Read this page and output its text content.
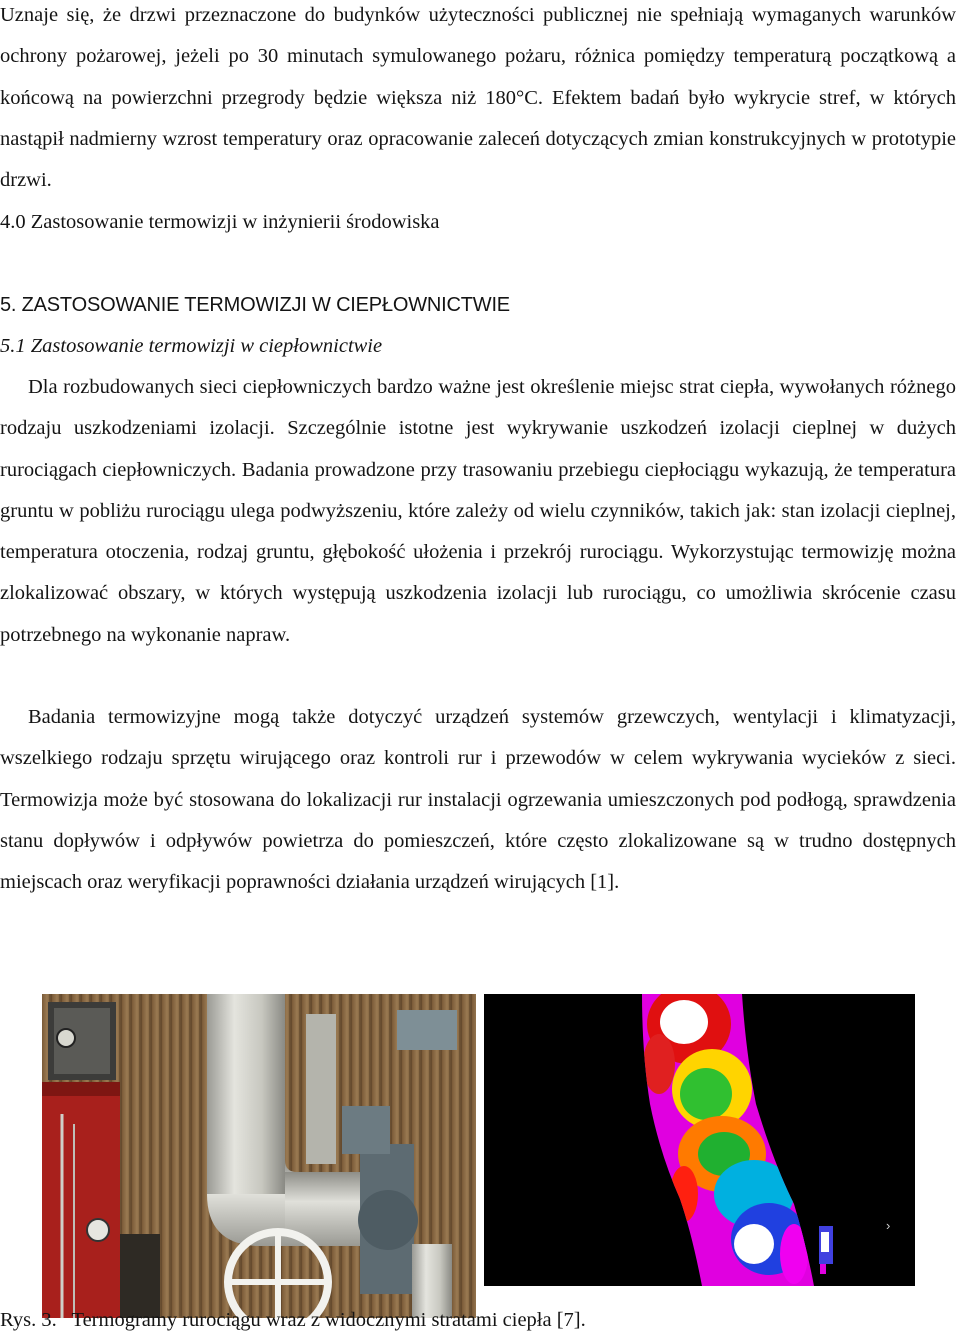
Uznaje się, że drzwi przeznaczone do budynków użyteczności publicznej nie spełniają wymaganych warunków ochrony pożarowej, jeżeli po 30 minutach symulowanego pożaru, różnica pomiędzy temperaturą początkową a końcową na powierzchni przegrody będzie większa niż 180°C. Efektem badań było wykrycie stref, w których nastąpił nadmierny wzrost temperatury oraz opracowanie zaleceń dotyczących zmian konstrukcyjnych w prototypie drzwi.
4.0 Zastosowanie termowizji w inżynierii środowiska
5. ZASTOSOWANIE TERMOWIZJI W CIEPŁOWNICTWIE
5.1 Zastosowanie termowizji w ciepłownictwie
Dla rozbudowanych sieci ciepłowniczych bardzo ważne jest określenie miejsc strat ciepła, wywołanych różnego rodzaju uszkodzeniami izolacji. Szczególnie istotne jest wykrywanie uszkodzeń izolacji cieplnej w dużych rurociągach ciepłowniczych. Badania prowadzone przy trasowaniu przebiegu ciepłociągu wykazują, że temperatura gruntu w pobliżu rurociągu ulega podwyższeniu, które zależy od wielu czynników, takich jak: stan izolacji cieplnej, temperatura otoczenia, rodzaj gruntu, głębokość ułożenia i przekrój rurociągu. Wykorzystując termowizję można zlokalizować obszary, w których występują uszkodzenia izolacji lub rurociągu, co umożliwia skrócenie czasu potrzebnego na wykonanie napraw.
Badania termowizyjne mogą także dotyczyć urządzeń systemów grzewczych, wentylacji i klimatyzacji, wszelkiego rodzaju sprzętu wirującego oraz kontroli rur i przewodów w celem wykrywania wycieków z sieci. Termowizja może być stosowana do lokalizacji rur instalacji ogrzewania umieszczonych pod podłogą, sprawdzenia stanu dopływów i odpływów powietrza do pomieszczeń, które często zlokalizowane są w trudno dostępnych miejscach oraz weryfikacji poprawności działania urządzeń wirujących [1].
›
Rys. 3. Termogramy rurociągu wraz z widocznymi stratami ciepła [7].
